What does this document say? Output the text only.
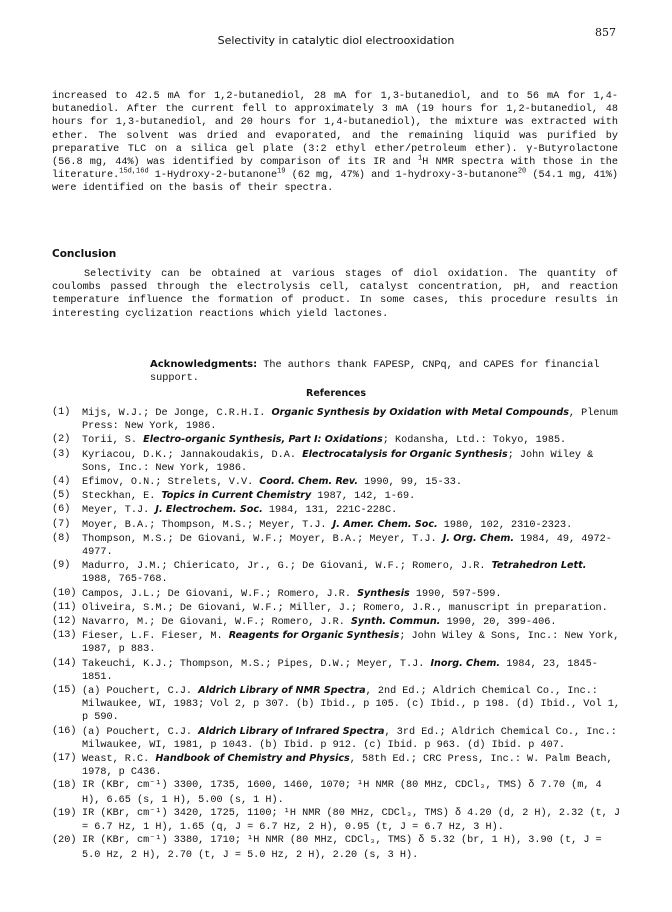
Selectivity in catalytic diol electrooxidation
857
increased to 42.5 mA for 1,2-butanediol, 28 mA for 1,3-butanediol, and to 56 mA for 1,4-butanediol. After the current fell to approximately 3 mA (19 hours for 1,2-butanediol, 48 hours for 1,3-butanediol, and 20 hours for 1,4-butanediol), the mixture was extracted with ether. The solvent was dried and evaporated, and the remaining liquid was purified by preparative TLC on a silica gel plate (3:2 ethyl ether/petroleum ether). γ-Butyrolactone (56.8 mg, 44%) was identified by comparison of its IR and $^1$H NMR spectra with those in the literature.$^{15d,16d}$ 1-Hydroxy-2-butanone$^{19}$ (62 mg, 47%) and 1-hydroxy-3-butanone$^{20}$ (54.1 mg, 41%) were identified on the basis of their spectra.
Conclusion
Selectivity can be obtained at various stages of diol oxidation. The quantity of coulombs passed through the electrolysis cell, catalyst concentration, pH, and reaction temperature influence the formation of product. In some cases, this procedure results in interesting cyclization reactions which yield lactones.
Acknowledgments: The authors thank FAPESP, CNPq, and CAPES for financial support.
References
(1)	Mijs, W.J.; De Jonge, C.R.H.I. Organic Synthesis by Oxidation with Metal Compounds, Plenum Press: New York, 1986.
(2)	Torii, S. Electro-organic Synthesis, Part I: Oxidations; Kodansha, Ltd.: Tokyo, 1985.
(3)	Kyriacou, D.K.; Jannakoudakis, D.A. Electrocatalysis for Organic Synthesis; John Wiley & Sons, Inc.: New York, 1986.
(4)	Efimov, O.N.; Strelets, V.V. Coord. Chem. Rev. 1990, 99, 15-33.
(5)	Steckhan, E. Topics in Current Chemistry 1987, 142, 1-69.
(6)	Meyer, T.J. J. Electrochem. Soc. 1984, 131, 221C-228C.
(7)	Moyer, B.A.; Thompson, M.S.; Meyer, T.J. J. Amer. Chem. Soc. 1980, 102, 2310-2323.
(8)	Thompson, M.S.; De Giovani, W.F.; Moyer, B.A.; Meyer, T.J. J. Org. Chem. 1984, 49, 4972-4977.
(9)	Madurro, J.M.; Chiericato, Jr., G.; De Giovani, W.F.; Romero, J.R. Tetrahedron Lett. 1988, 765-768.
(10) Campos, J.L.; De Giovani, W.F.; Romero, J.R. Synthesis 1990, 597-599.
(11) Oliveira, S.M.; De Giovani, W.F.; Miller, J.; Romero, J.R., manuscript in preparation.
(12) Navarro, M.; De Giovani, W.F.; Romero, J.R. Synth. Commun. 1990, 20, 399-406.
(13) Fieser, L.F. Fieser, M. Reagents for Organic Synthesis; John Wiley & Sons, Inc.: New York, 1987, p 883.
(14) Takeuchi, K.J.; Thompson, M.S.; Pipes, D.W.; Meyer, T.J. Inorg. Chem. 1984, 23, 1845-1851.
(15) (a) Pouchert, C.J. Aldrich Library of NMR Spectra, 2nd Ed.; Aldrich Chemical Co., Inc.: Milwaukee, WI, 1983; Vol 2, p 307. (b) Ibid., p 105. (c) Ibid., p 198. (d) Ibid., Vol 1, p 590.
(16) (a) Pouchert, C.J. Aldrich Library of Infrared Spectra, 3rd Ed.; Aldrich Chemical Co., Inc.: Milwaukee, WI, 1981, p 1043. (b) Ibid. p 912. (c) Ibid. p 963. (d) Ibid. p 407.
(17) Weast, R.C. Handbook of Chemistry and Physics, 58th Ed.; CRC Press, Inc.: W. Palm Beach, 1978, p C436.
(18) IR (KBr, cm⁻¹) 3300, 1735, 1600, 1460, 1070; ¹H NMR (80 MHz, CDCl₃, TMS) δ 7.70 (m, 4 H), 6.65 (s, 1 H), 5.00 (s, 1 H).
(19) IR (KBr, cm⁻¹) 3420, 1725, 1100; ¹H NMR (80 MHz, CDCl₃, TMS) δ 4.20 (d, 2 H), 2.32 (t, J = 6.7 Hz, 1 H), 1.65 (q, J = 6.7 Hz, 2 H), 0.95 (t, J = 6.7 Hz, 3 H).
(20) IR (KBr, cm⁻¹) 3380, 1710; ¹H NMR (80 MHz, CDCl₃, TMS) δ 5.32 (br, 1 H), 3.90 (t, J = 5.0 Hz, 2 H), 2.70 (t, J = 5.0 Hz, 2 H), 2.20 (s, 3 H).
